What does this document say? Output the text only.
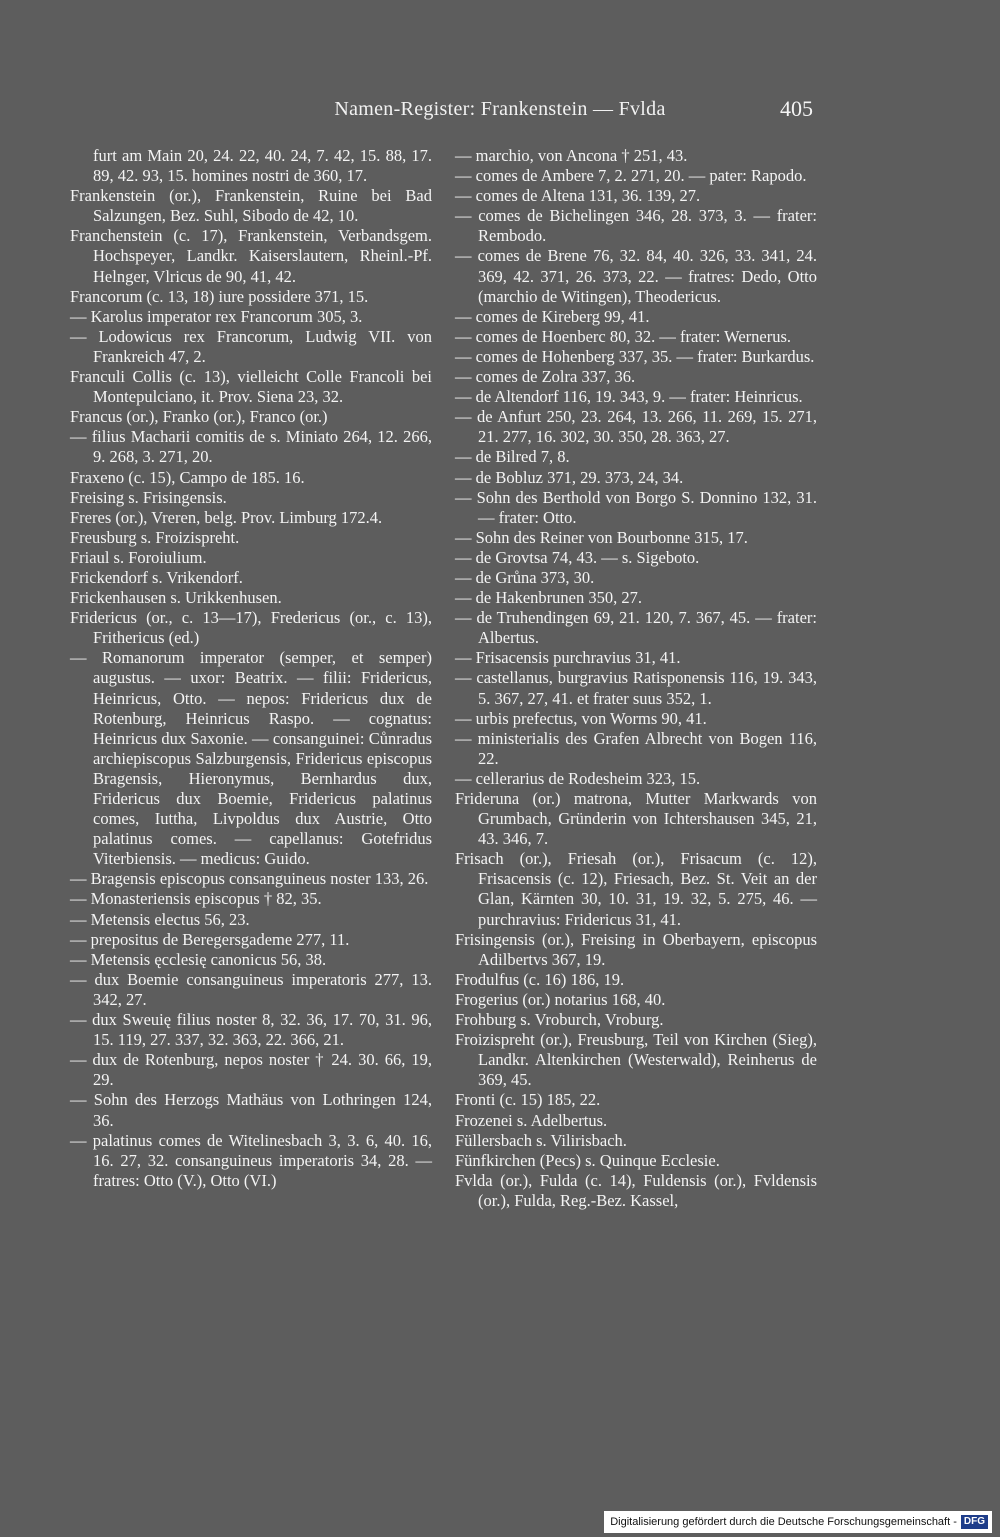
Namen-Register: Frankenstein — Fvlda	405

furt am Main 20, 24. 22, 40. 24, 7. 42, 15. 88, 17. 89, 42. 93, 15. homines nostri de 360, 17.

Frankenstein (or.), Frankenstein, Ruine bei Bad Salzungen, Bez. Suhl, Sibodo de 42, 10.

Franchenstein (c. 17), Frankenstein, Verbandsgem. Hochspeyer, Landkr. Kaiserslautern, Rheinl.-Pf. Helnger, Vlricus de 90, 41, 42.

Francorum (c. 13, 18) iure possidere 371, 15.

— Karolus imperator rex Francorum 305, 3.

— Lodowicus rex Francorum, Ludwig VII. von Frankreich 47, 2.

Franculi Collis (c. 13), vielleicht Colle Francoli bei Montepulciano, it. Prov. Siena 23, 32.

Francus (or.), Franko (or.), Franco (or.)

— filius Macharii comitis de s. Miniato 264, 12. 266, 9. 268, 3. 271, 20.

Fraxeno (c. 15), Campo de 185. 16.

Freising s. Frisingensis.

Freres (or.), Vreren, belg. Prov. Limburg 172.4.

Freusburg s. Froizispreht.

Friaul s. Foroiulium.

Frickendorf s. Vrikendorf.

Frickenhausen s. Urikkenhusen.

Fridericus (or., c. 13—17), Fredericus (or., c. 13), Frithericus (ed.)

— Romanorum imperator (semper, et semper) augustus. — uxor: Beatrix. — filii: Fridericus, Heinricus, Otto. — nepos: Fridericus dux de Rotenburg, Heinricus Raspo. — cognatus: Heinricus dux Saxonie. — consanguinei: Cůnradus archiepiscopus Salzburgensis, Fridericus episcopus Bragensis, Hieronymus, Bernhardus dux, Fridericus dux Boemie, Fridericus palatinus comes, Iuttha, Livpoldus dux Austrie, Otto palatinus comes. — capellanus: Gotefridus Viterbiensis. — medicus: Guido.

— Bragensis episcopus consanguineus noster 133, 26.

— Monasteriensis episcopus † 82, 35.

— Metensis electus 56, 23.

— prepositus de Beregersgademe 277, 11.

— Metensis ęcclesię canonicus 56, 38.

— dux Boemie consanguineus imperatoris 277, 13. 342, 27.

— dux Sweuię filius noster 8, 32. 36, 17. 70, 31. 96, 15. 119, 27. 337, 32. 363, 22. 366, 21.

— dux de Rotenburg, nepos noster † 24. 30. 66, 19, 29.

— Sohn des Herzogs Mathäus von Lothringen 124, 36.

— palatinus comes de Witelinesbach 3, 3. 6, 40. 16, 16. 27, 32. consanguineus imperatoris 34, 28. — fratres: Otto (V.), Otto (VI.)

— marchio, von Ancona † 251, 43.

— comes de Ambere 7, 2. 271, 20. — pater: Rapodo.

— comes de Altena 131, 36. 139, 27.

— comes de Bichelingen 346, 28. 373, 3. — frater: Rembodo.

— comes de Brene 76, 32. 84, 40. 326, 33. 341, 24. 369, 42. 371, 26. 373, 22. — fratres: Dedo, Otto (marchio de Witingen), Theodericus.

— comes de Kireberg 99, 41.

— comes de Hoenberc 80, 32. — frater: Wernerus.

— comes de Hohenberg 337, 35. — frater: Burkardus.

— comes de Zolra 337, 36.

— de Altendorf 116, 19. 343, 9. — frater: Heinricus.

— de Anfurt 250, 23. 264, 13. 266, 11. 269, 15. 271, 21. 277, 16. 302, 30. 350, 28. 363, 27.

— de Bilred 7, 8.

— de Bobluz 371, 29. 373, 24, 34.

— Sohn des Berthold von Borgo S. Donnino 132, 31. — frater: Otto.

— Sohn des Reiner von Bourbonne 315, 17.

— de Grovtsa 74, 43. — s. Sigeboto.

— de Grůna 373, 30.

— de Hakenbrunen 350, 27.

— de Truhendingen 69, 21. 120, 7. 367, 45. — frater: Albertus.

— Frisacensis purchravius 31, 41.

— castellanus, burgravius Ratisponensis 116, 19. 343, 5. 367, 27, 41. et frater suus 352, 1.

— urbis prefectus, von Worms 90, 41.

— ministerialis des Grafen Albrecht von Bogen 116, 22.

— cellerarius de Rodesheim 323, 15.

Frideruna (or.) matrona, Mutter Markwards von Grumbach, Gründerin von Ichtershausen 345, 21, 43. 346, 7.

Frisach (or.), Friesah (or.), Frisacum (c. 12), Frisacensis (c. 12), Friesach, Bez. St. Veit an der Glan, Kärnten 30, 10. 31, 19. 32, 5. 275, 46. — purchravius: Fridericus 31, 41.

Frisingensis (or.), Freising in Oberbayern, episcopus Adilbertvs 367, 19.

Frodulfus (c. 16) 186, 19.

Frogerius (or.) notarius 168, 40.

Frohburg s. Vroburch, Vroburg.

Froizispreht (or.), Freusburg, Teil von Kirchen (Sieg), Landkr. Altenkirchen (Westerwald), Reinherus de 369, 45.

Fronti (c. 15) 185, 22.

Frozenei s. Adelbertus.

Füllersbach s. Vilirisbach.

Fünfkirchen (Pecs) s. Quinque Ecclesie.

Fvlda (or.), Fulda (c. 14), Fuldensis (or.), Fvldensis (or.), Fulda, Reg.-Bez. Kassel,

Digitalisierung gefördert durch die Deutsche Forschungsgemeinschaft - DFG
